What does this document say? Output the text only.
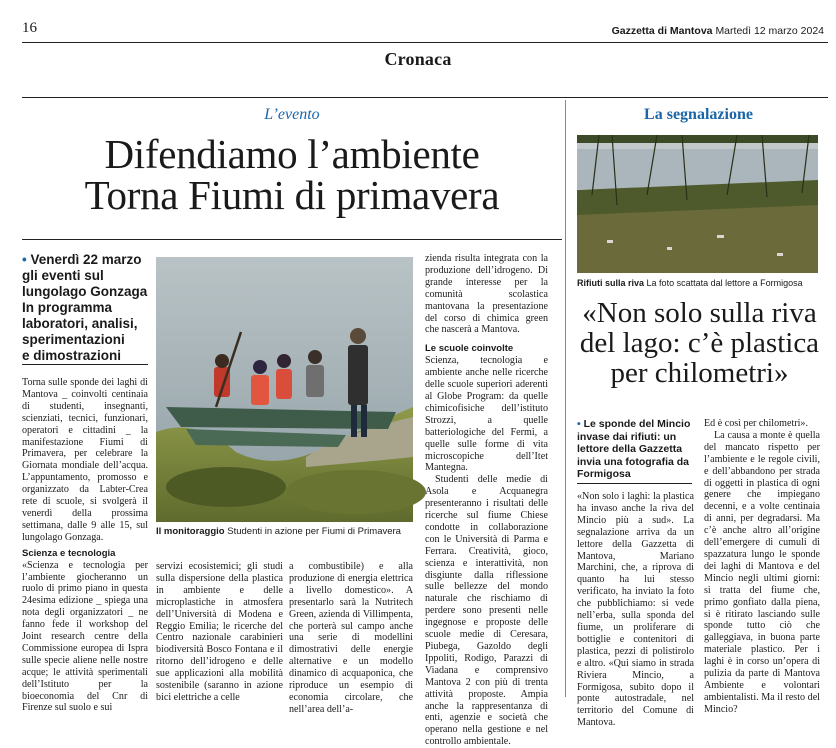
16	Gazzetta di Mantova Martedì 12 marzo 2024
Cronaca
L’evento
Difendiamo l’ambiente
Torna Fiumi di primavera
• Venerdì 22 marzo
gli eventi sul
lungolago Gonzaga
In programma
laboratori, analisi,
sperimentazioni
e dimostrazioni
Il monitoraggio Studenti in azione per Fiumi di Primavera

Torna sulle sponde dei laghi di Mantova _ coinvolti centinaia di studenti, insegnanti, scienziati, tecnici, funzionari, operatori e cittadini _ la manifestazione Fiumi di Primavera, per celebrare la Giornata mondiale dell’acqua. L’appuntamento, promosso e organizzato da Labter-Crea rete di scuole, si svolgerà il venerdì della prossima settimana, dalle 9 alle 15, sul lungolago Gonzaga.

Scienza e tecnologia

«Scienza e tecnologia per l’ambiente giocheranno un ruolo di primo piano in questa 24esima edizione _ spiega una nota degli organizzatori _ ne fanno fede il workshop del Joint research centre della Commissione europea di Ispra sulle specie aliene nelle nostre acque; le attività sperimentali dell’Istituto per la bioeconomia del Cnr di Firenze sul suolo e sui

servizi ecosistemici; gli studi sulla dispersione della plastica in ambiente e delle microplastiche in atmosfera dell’Università di Modena e Reggio Emilia; le ricerche del Centro nazionale carabinieri biodiversità Bosco Fontana e il ritorno dell’idrogeno e delle sue applicazioni alla mobilità sostenibile (saranno in azione bici elettriche a celle

a combustibile) e alla produzione di energia elettrica a livello domestico». A presentarlo sarà la Nutritech Green, azienda di Villimpenta, che porterà sul campo anche una serie di modellini dimostrativi delle energie alternative e un modello dinamico di acquaponica, che riproduce un esempio di economia circolare, che nell’area dell’a-

zienda risulta integrata con la produzione dell’idrogeno. Di grande interesse per la comunità scolastica mantovana la presentazione del corso di chimica green che nascerà a Mantova.

Le scuole coinvolte

Scienza, tecnologia e ambiente anche nelle ricerche delle scuole superiori aderenti al Globe Program: da quelle chimicofisiche dell’istituto Strozzi, a quelle batteriologiche del Fermi, a quelle sulle forme di vita microscopiche dell’Itet Mantegna.

Studenti delle medie di Asola e Acquanegra presenteranno i risultati delle ricerche sul fiume Chiese condotte in collaborazione con le Università di Parma e Ferrara. Creatività, gioco, scienza e interattività, non disgiunte dalla riflessione sulle bellezze del mondo naturale che rischiamo di perdere sono presenti nelle ingegnose e proposte delle scuole medie di Ceresara, Piubega, Gazoldo degli Ippoliti, Rodigo, Parazzi di Viadana e comprensivo Mantova 2 con più di trenta attività proposte. Ampia anche la rappresentanza di enti, agenzie e società che operano nella gestione e nel controllo ambientale.

La segnalazione
Rifiuti sulla riva La foto scattata dal lettore a Formigosa
«Non solo sulla riva
del lago: c’è plastica
per chilometri»
• Le sponde del Mincio invase dai rifiuti: un lettore della Gazzetta invia una fotografia da Formigosa

«Non solo i laghi: la plastica ha invaso anche la riva del Mincio più a sud». La segnalazione arriva da un lettore della Gazzetta di Mantova, Mariano Marchini, che, a riprova di quanto ha lui stesso verificato, ha inviato la foto che pubblichiamo: si vede nell’erba, sulla sponda del fiume, un proliferare di bottiglie e contenitori di plastica, pezzi di polistirolo e altro. «Qui siamo in strada Riviera Mincio, a Formigosa, subito dopo il ponte autostradale, nel territorio del Comune di Mantova.

Ed è così per chilometri».

La causa a monte è quella del mancato rispetto per l’ambiente e le regole civili, e dell’abbandono per strada di oggetti in plastica di ogni genere che impiegano decenni, e a volte centinaia di anni, per degradarsi. Ma c’è anche altro all’origine dell’emergere di cumuli di spazzatura lungo le sponde dei laghi di Mantova e del Mincio negli ultimi giorni: si tratta del fiume che, primo gonfiato dalla piena, si è ritirato lasciando sulle sponde tutto ciò che galleggiava, in buona parte materiale plastico. Per i laghi è in corso un’opera di pulizia da parte di Mantova Ambiente e volontari ambientalisti. Ma il resto del Mincio?
